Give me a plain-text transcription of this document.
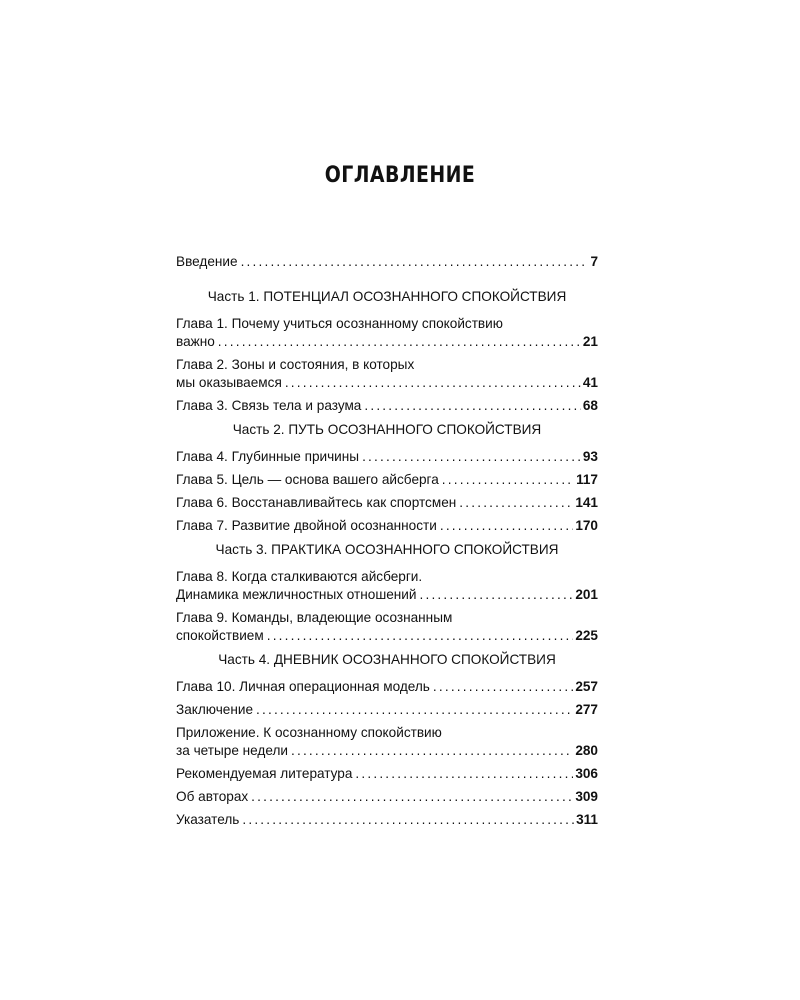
ОГЛАВЛЕНИЕ
Введение .....	7
Часть 1. ПОТЕНЦИАЛ ОСОЗНАННОГО СПОКОЙСТВИЯ
Глава 1. Почему учиться осознанному спокойствию
важно .....	21
Глава 2. Зоны и состояния, в которых
мы оказываемся .....	41
Глава 3. Связь тела и разума .....	68
Часть 2. ПУТЬ ОСОЗНАННОГО СПОКОЙСТВИЯ
Глава 4. Глубинные причины .....	93
Глава 5. Цель — основа вашего айсберга .....	117
Глава 6. Восстанавливайтесь как спортсмен .....	141
Глава 7. Развитие двойной осознанности .....	170
Часть 3. ПРАКТИКА ОСОЗНАННОГО СПОКОЙСТВИЯ
Глава 8. Когда сталкиваются айсберги.
Динамика межличностных отношений .....	201
Глава 9. Команды, владеющие осознанным
спокойствием .....	225
Часть 4. ДНЕВНИК ОСОЗНАННОГО СПОКОЙСТВИЯ
Глава 10. Личная операционная модель .....	257
Заключение .....	277
Приложение. К осознанному спокойствию
за четыре недели .....	280
Рекомендуемая литература .....	306
Об авторах .....	309
Указатель .....	311
